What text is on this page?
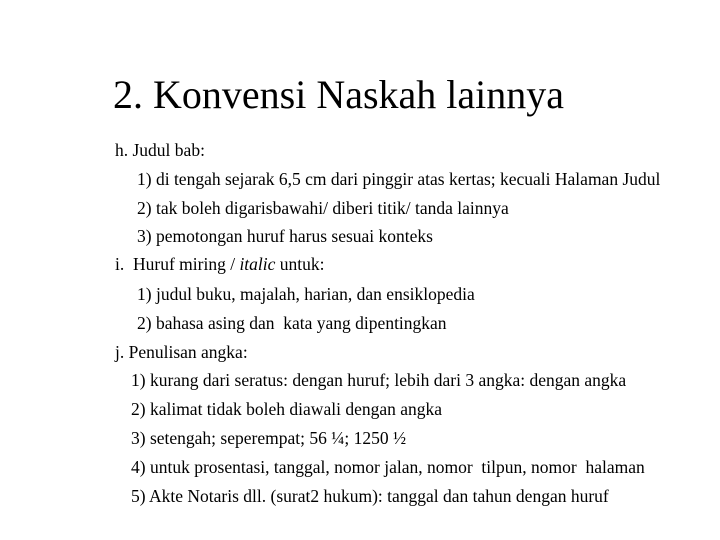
2. Konvensi Naskah lainnya
h. Judul bab:
1) di tengah sejarak 6,5 cm dari pinggir atas kertas; kecuali Halaman Judul
2) tak boleh digarisbawahi/ diberi titik/ tanda lainnya
3) pemotongan huruf harus sesuai konteks
i.  Huruf miring / italic untuk:
1) judul buku, majalah, harian, dan ensiklopedia
2) bahasa asing dan  kata yang dipentingkan
j. Penulisan angka:
1) kurang dari seratus: dengan huruf; lebih dari 3 angka: dengan angka
2) kalimat tidak boleh diawali dengan angka
3) setengah; seperempat; 56 ¼; 1250 ½
4) untuk prosentasi, tanggal, nomor jalan, nomor  tilpun, nomor  halaman
5) Akte Notaris dll. (surat2 hukum): tanggal dan tahun dengan huruf
